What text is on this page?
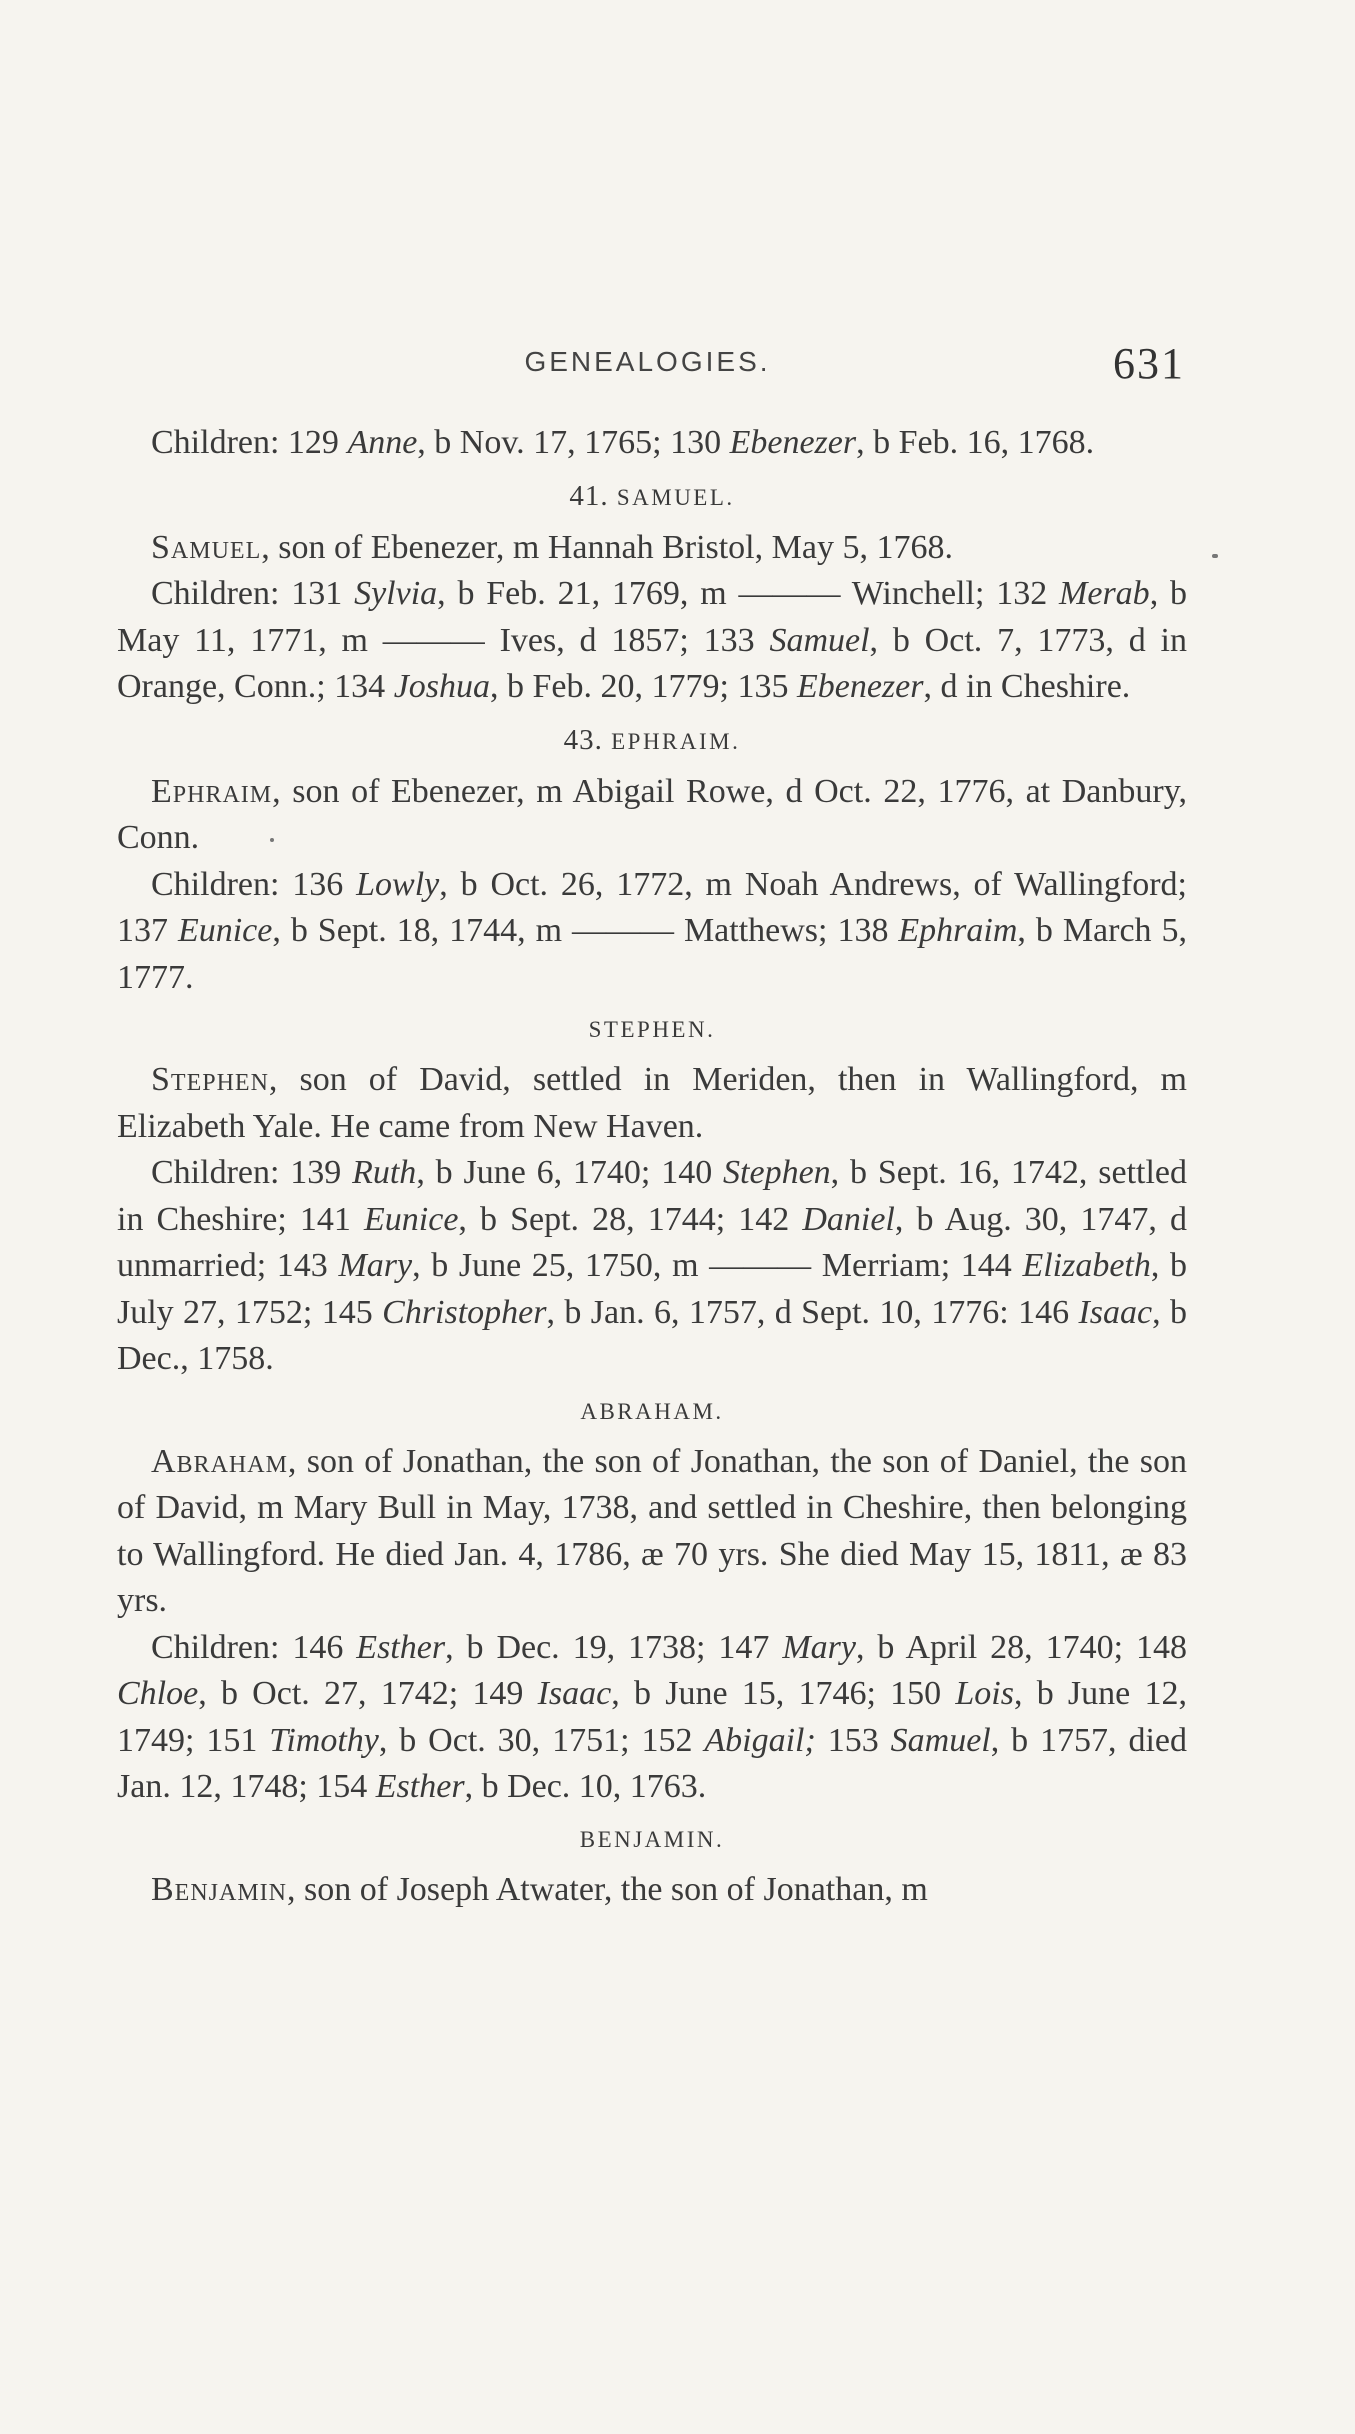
GENEALOGIES.	631

Children: 129 Anne, b Nov. 17, 1765; 130 Ebenezer, b Feb. 16, 1768.

41. SAMUEL.

Samuel, son of Ebenezer, m Hannah Bristol, May 5, 1768.

Children: 131 Sylvia, b Feb. 21, 1769, m ——— Winchell; 132 Merab, b May 11, 1771, m ——— Ives, d 1857; 133 Samuel, b Oct. 7, 1773, d in Orange, Conn.; 134 Joshua, b Feb. 20, 1779; 135 Ebenezer, d in Cheshire.

43. EPHRAIM.

Ephraim, son of Ebenezer, m Abigail Rowe, d Oct. 22, 1776, at Danbury, Conn.

Children: 136 Lowly, b Oct. 26, 1772, m Noah Andrews, of Wallingford; 137 Eunice, b Sept. 18, 1744, m ——— Matthews; 138 Ephraim, b March 5, 1777.

STEPHEN.

Stephen, son of David, settled in Meriden, then in Wallingford, m Elizabeth Yale. He came from New Haven.

Children: 139 Ruth, b June 6, 1740; 140 Stephen, b Sept. 16, 1742, settled in Cheshire; 141 Eunice, b Sept. 28, 1744; 142 Daniel, b Aug. 30, 1747, d unmarried; 143 Mary, b June 25, 1750, m ——— Merriam; 144 Elizabeth, b July 27, 1752; 145 Christopher, b Jan. 6, 1757, d Sept. 10, 1776: 146 Isaac, b Dec., 1758.

ABRAHAM.

Abraham, son of Jonathan, the son of Jonathan, the son of Daniel, the son of David, m Mary Bull in May, 1738, and settled in Cheshire, then belonging to Wallingford. He died Jan. 4, 1786, æ 70 yrs. She died May 15, 1811, æ 83 yrs.

Children: 146 Esther, b Dec. 19, 1738; 147 Mary, b April 28, 1740; 148 Chloe, b Oct. 27, 1742; 149 Isaac, b June 15, 1746; 150 Lois, b June 12, 1749; 151 Timothy, b Oct. 30, 1751; 152 Abigail; 153 Samuel, b 1757, died Jan. 12, 1748; 154 Esther, b Dec. 10, 1763.

BENJAMIN.

Benjamin, son of Joseph Atwater, the son of Jonathan, m
